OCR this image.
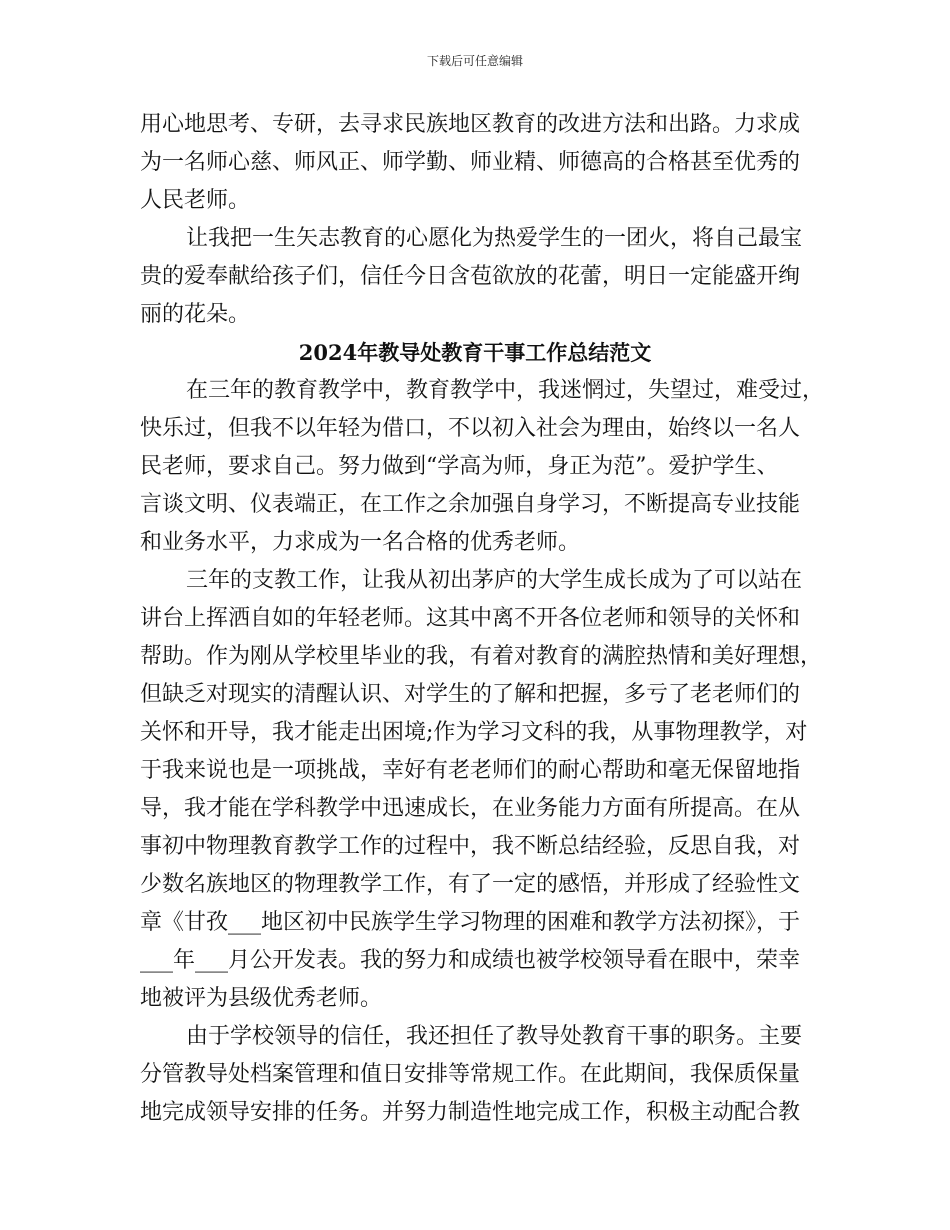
下载后可任意编辑
用心地思考、专研，去寻求民族地区教育的改进方法和出路。力求成
为一名师心慈、师风正、师学勤、师业精、师德高的合格甚至优秀的
人民老师。
让我把一生矢志教育的心愿化为热爱学生的一团火，将自己最宝
贵的爱奉献给孩子们，信任今日含苞欲放的花蕾，明日一定能盛开绚
丽的花朵。
2024年教导处教育干事工作总结范文
在三年的教育教学中，教育教学中，我迷惘过，失望过，难受过，
快乐过，但我不以年轻为借口，不以初入社会为理由，始终以一名人
民老师，要求自己。努力做到“学高为师，身正为范”。爱护学生、
言谈文明、仪表端正，在工作之余加强自身学习，不断提高专业技能
和业务水平，力求成为一名合格的优秀老师。
三年的支教工作，让我从初出茅庐的大学生成长成为了可以站在
讲台上挥洒自如的年轻老师。这其中离不开各位老师和领导的关怀和
帮助。作为刚从学校里毕业的我，有着对教育的满腔热情和美好理想，
但缺乏对现实的清醒认识、对学生的了解和把握，多亏了老老师们的
关怀和开导，我才能走出困境;作为学习文科的我，从事物理教学，对
于我来说也是一项挑战，幸好有老老师们的耐心帮助和毫无保留地指
导，我才能在学科教学中迅速成长，在业务能力方面有所提高。在从
事初中物理教育教学工作的过程中，我不断总结经验，反思自我，对
少数名族地区的物理教学工作，有了一定的感悟，并形成了经验性文
章《甘孜___地区初中民族学生学习物理的困难和教学方法初探》，于
___年___月公开发表。我的努力和成绩也被学校领导看在眼中，荣幸
地被评为县级优秀老师。
由于学校领导的信任，我还担任了教导处教育干事的职务。主要
分管教导处档案管理和值日安排等常规工作。在此期间，我保质保量
地完成领导安排的任务。并努力制造性地完成工作，积极主动配合教
